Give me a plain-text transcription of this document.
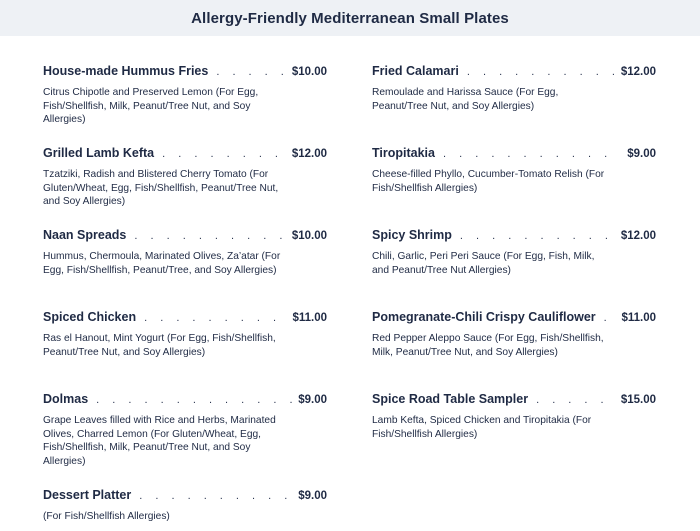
Allergy-Friendly Mediterranean Small Plates
House-made Hummus Fries . . .	$10.00
Citrus Chipotle and Preserved Lemon (For Egg, Fish/Shellfish, Milk, Peanut/Tree Nut, and Soy Allergies)
Fried Calamari . . .	$12.00
Remoulade and Harissa Sauce (For Egg, Peanut/Tree Nut, and Soy Allergies)
Grilled Lamb Kefta . . .	$12.00
Tzatziki, Radish and Blistered Cherry Tomato (For Gluten/Wheat, Egg, Fish/Shellfish, Peanut/Tree Nut, and Soy Allergies)
Tiropitakia . . .	$9.00
Cheese-filled Phyllo, Cucumber-Tomato Relish (For Fish/Shellfish Allergies)
Naan Spreads . . .	$10.00
Hummus, Chermoula, Marinated Olives, Za’atar (For Egg, Fish/Shellfish, Peanut/Tree, and Soy Allergies)
Spicy Shrimp . . .	$12.00
Chili, Garlic, Peri Peri Sauce (For Egg, Fish, Milk, and Peanut/Tree Nut Allergies)
Spiced Chicken . . .	$11.00
Ras el Hanout, Mint Yogurt (For Egg, Fish/Shellfish, Peanut/Tree Nut, and Soy Allergies)
Pomegranate-Chili Crispy Cauliflower . . . $11.00
Red Pepper Aleppo Sauce (For Egg, Fish/Shellfish, Milk, Peanut/Tree Nut, and Soy Allergies)
Dolmas . . .	$9.00
Grape Leaves filled with Rice and Herbs, Marinated Olives, Charred Lemon (For Gluten/Wheat, Egg, Fish/Shellfish, Milk, Peanut/Tree Nut, and Soy Allergies)
Spice Road Table Sampler . . .	$15.00
Lamb Kefta, Spiced Chicken and Tiropitakia (For Fish/Shellfish Allergies)
Dessert Platter . . .	$9.00
(For Fish/Shellfish Allergies)
